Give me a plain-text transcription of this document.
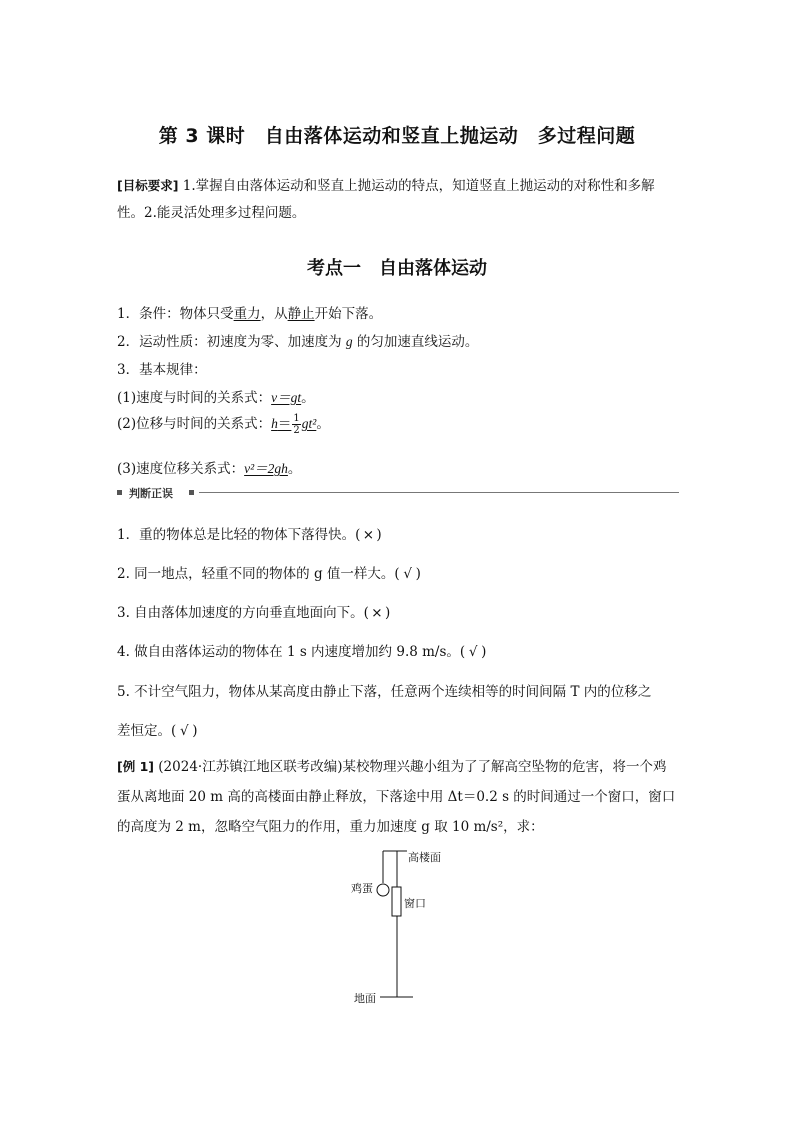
第 3 课时　自由落体运动和竖直上抛运动　多过程问题
[目标要求] 1.掌握自由落体运动和竖直上抛运动的特点，知道竖直上抛运动的对称性和多解性。2.能灵活处理多过程问题。
考点一　自由落体运动
1．条件：物体只受重力，从静止开始下落。
2．运动性质：初速度为零、加速度为 g 的匀加速直线运动。
3．基本规律：
(1)速度与时间的关系式：v＝gt。
(2)位移与时间的关系式：$h= \frac{1}{2} gt^2$。
(3)速度位移关系式：v²＝2gh。
判断正误
1．重的物体总是比轻的物体下落得快。( × )
2. 同一地点，轻重不同的物体的 g 值一样大。( √ )
3. 自由落体加速度的方向垂直地面向下。( × )
4. 做自由落体运动的物体在 1 s 内速度增加约 9.8 m/s。( √ )
5. 不计空气阻力，物体从某高度由静止下落，任意两个连续相等的时间间隔 T 内的位移之
差恒定。( √ )
[例 1] (2024·江苏镇江地区联考改编)某校物理兴趣小组为了了解高空坠物的危害，将一个鸡蛋从离地面 20 m 高的高楼面由静止释放，下落途中用 Δt＝0.2 s 的时间通过一个窗口，窗口的高度为 2 m，忽略空气阻力的作用，重力加速度 g 取 10 m/s²，求：
高楼面
鸡蛋
窗口
地面
